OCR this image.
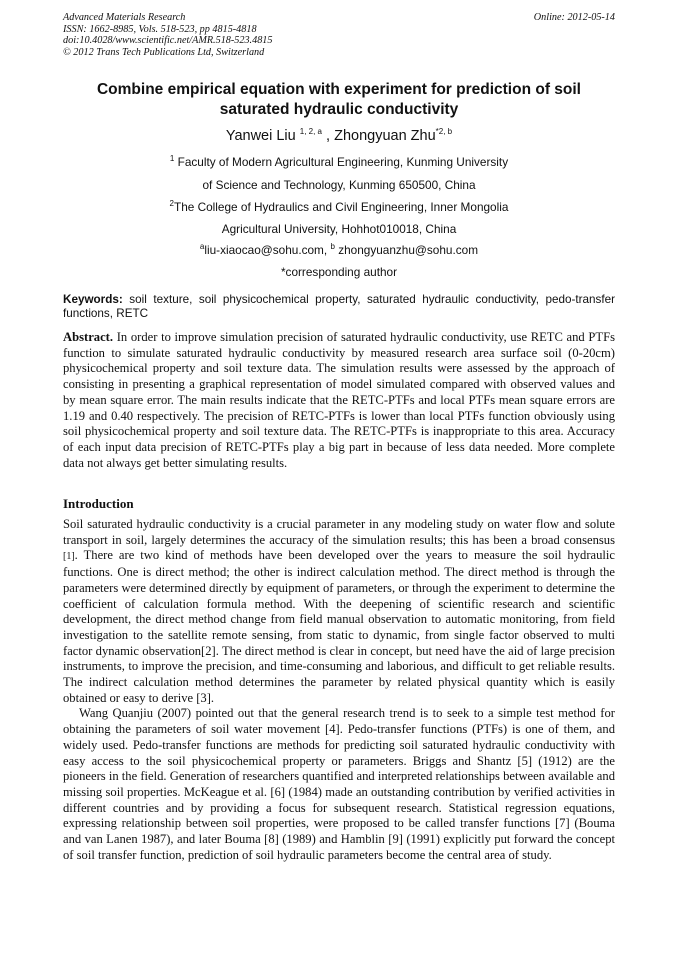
Advanced Materials Research
ISSN: 1662-8985, Vols. 518-523, pp 4815-4818
doi:10.4028/www.scientific.net/AMR.518-523.4815
© 2012 Trans Tech Publications Ltd, Switzerland
Online: 2012-05-14
Combine empirical equation with experiment for prediction of soil saturated hydraulic conductivity
Yanwei Liu $^{1, 2, a}$ , Zhongyuan Zhu$^{*2, b}$
$^1$ Faculty of Modern Agricultural Engineering, Kunming University
of Science and Technology, Kunming 650500, China
$^2$The College of Hydraulics and Civil Engineering, Inner Mongolia
Agricultural University, Hohhot010018, China
$^a$liu-xiaocao@sohu.com, $^b$ zhongyuanzhu@sohu.com
*corresponding author
Keywords: soil texture, soil physicochemical property, saturated hydraulic conductivity, pedo-transfer functions, RETC
Abstract. In order to improve simulation precision of saturated hydraulic conductivity, use RETC and PTFs function to simulate saturated hydraulic conductivity by measured research area surface soil (0-20cm) physicochemical property and soil texture data. The simulation results were assessed by the approach of consisting in presenting a graphical representation of model simulated compared with observed values and by mean square error. The main results indicate that the RETC-PTFs and local PTFs mean square errors are 1.19 and 0.40 respectively. The precision of RETC-PTFs is lower than local PTFs function obviously using soil physicochemical property and soil texture data. The RETC-PTFs is inappropriate to this area. Accuracy of each input data precision of RETC-PTFs play a big part in because of less data needed. More complete data not always get better simulating results.
Introduction

Soil saturated hydraulic conductivity is a crucial parameter in any modeling study on water flow and solute transport in soil, largely determines the accuracy of the simulation results; this has been a broad consensus [1]. There are two kind of methods have been developed over the years to measure the soil hydraulic functions. One is direct method; the other is indirect calculation method. The direct method is through the parameters were determined directly by equipment of parameters, or through the experiment to determine the coefficient of calculation formula method. With the deepening of scientific research and scientific development, the direct method change from field manual observation to automatic monitoring, from field investigation to the satellite remote sensing, from static to dynamic, from single factor observed to multi factor dynamic observation[2]. The direct method is clear in concept, but need have the aid of large precision instruments, to improve the precision, and time-consuming and laborious, and difficult to get reliable results. The indirect calculation method determines the parameter by related physical quantity which is easily obtained or easy to derive [3].

Wang Quanjiu (2007) pointed out that the general research trend is to seek to a simple test method for obtaining the parameters of soil water movement [4]. Pedo-transfer functions (PTFs) is one of them, and widely used. Pedo-transfer functions are methods for predicting soil saturated hydraulic conductivity with easy access to the soil physicochemical property or parameters. Briggs and Shantz [5] (1912) are the pioneers in the field. Generation of researchers quantified and interpreted relationships between available and missing soil properties. McKeague et al. [6] (1984) made an outstanding contribution by verified activities in different countries and by providing a focus for subsequent research. Statistical regression equations, expressing relationship between soil properties, were proposed to be called transfer functions [7] (Bouma and van Lanen 1987), and later Bouma [8] (1989) and Hamblin [9] (1991) explicitly put forward the concept of soil transfer function, prediction of soil hydraulic parameters become the central area of study.
